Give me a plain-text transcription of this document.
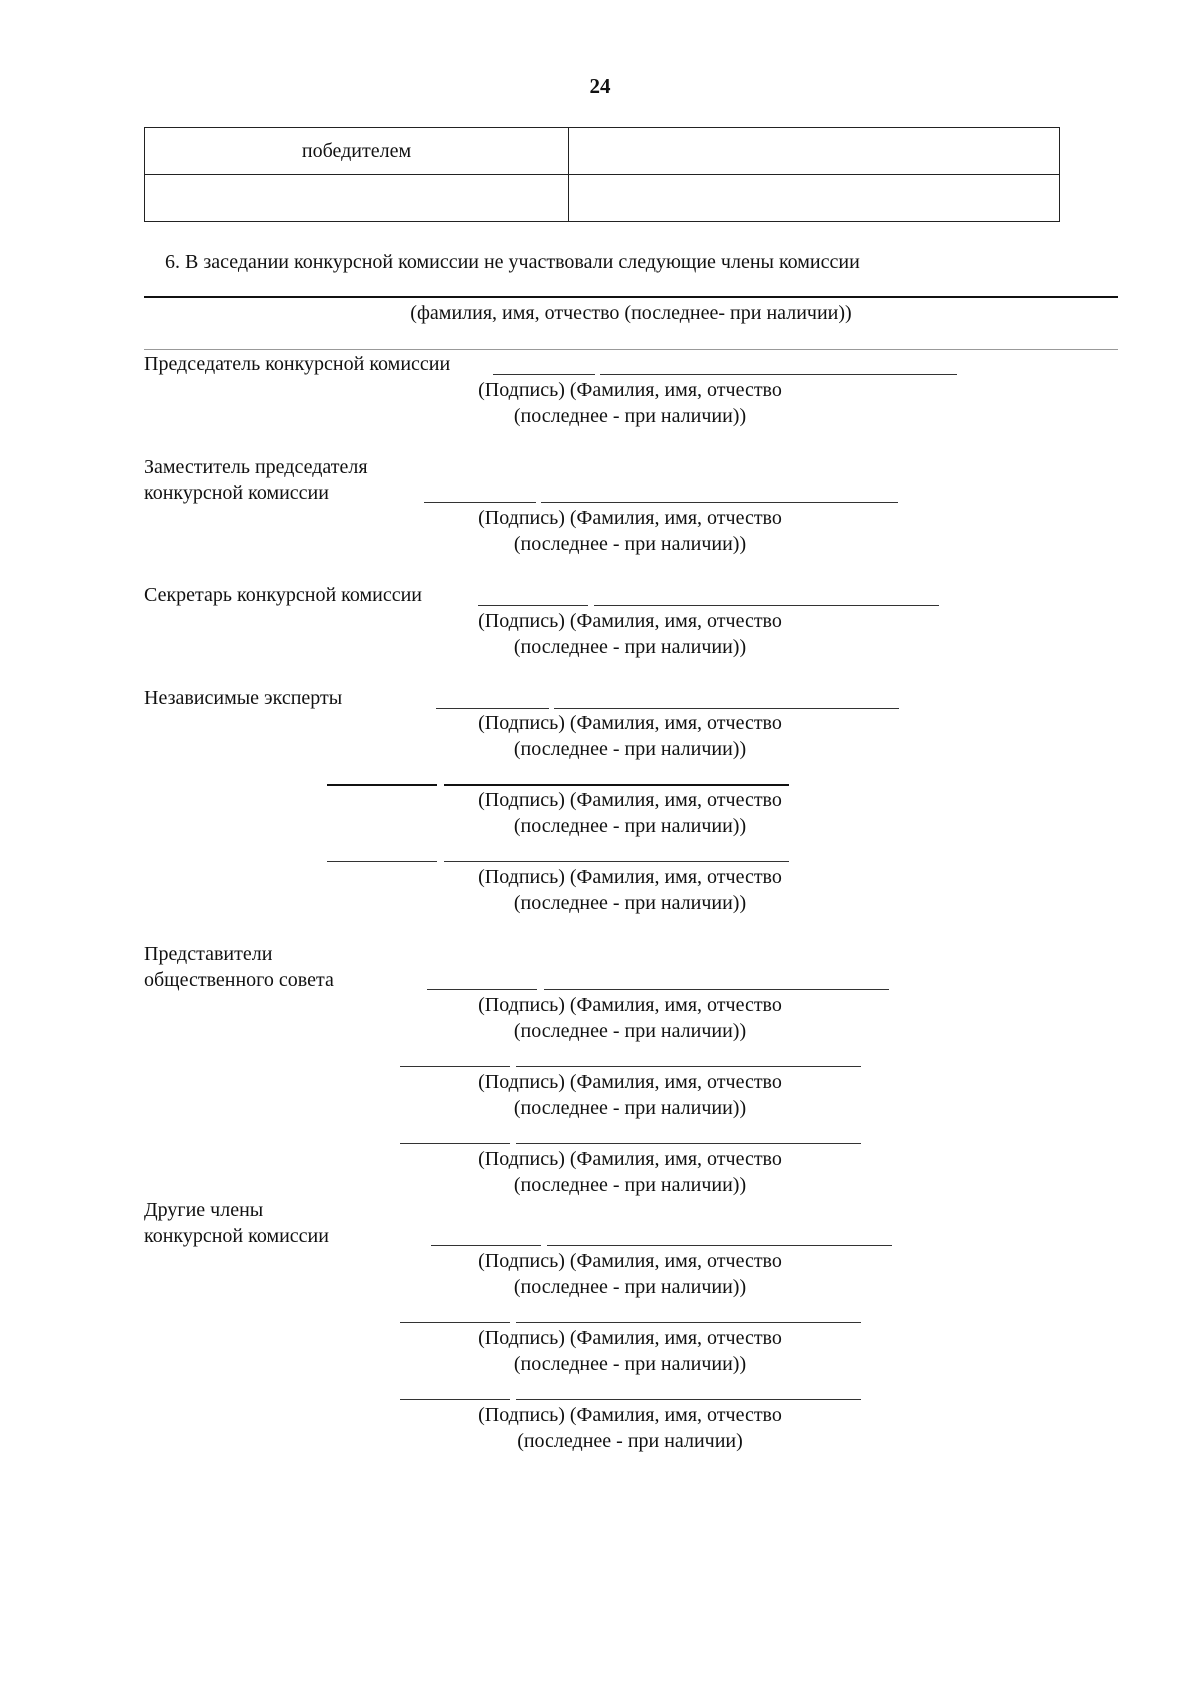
24
победителем	

6. В заседании конкурсной комиссии не участвовали следующие члены комиссии
(фамилия, имя, отчество (последнее- при наличии))
Председатель конкурсной комиссии
(Подпись) (Фамилия, имя, отчество
(последнее - при наличии))
Заместитель председателя
конкурсной комиссии
(Подпись) (Фамилия, имя, отчество
(последнее - при наличии))
Секретарь конкурсной комиссии
(Подпись) (Фамилия, имя, отчество
(последнее - при наличии))
Независимые эксперты
(Подпись) (Фамилия, имя, отчество
(последнее - при наличии))
(Подпись) (Фамилия, имя, отчество
(последнее - при наличии))
(Подпись) (Фамилия, имя, отчество
(последнее - при наличии))
Представители
общественного совета
(Подпись) (Фамилия, имя, отчество
(последнее - при наличии))
(Подпись) (Фамилия, имя, отчество
(последнее - при наличии))
(Подпись) (Фамилия, имя, отчество
(последнее - при наличии))
Другие члены
конкурсной комиссии
(Подпись) (Фамилия, имя, отчество
(последнее - при наличии))
(Подпись) (Фамилия, имя, отчество
(последнее - при наличии))
(Подпись) (Фамилия, имя, отчество
(последнее - при наличии)
